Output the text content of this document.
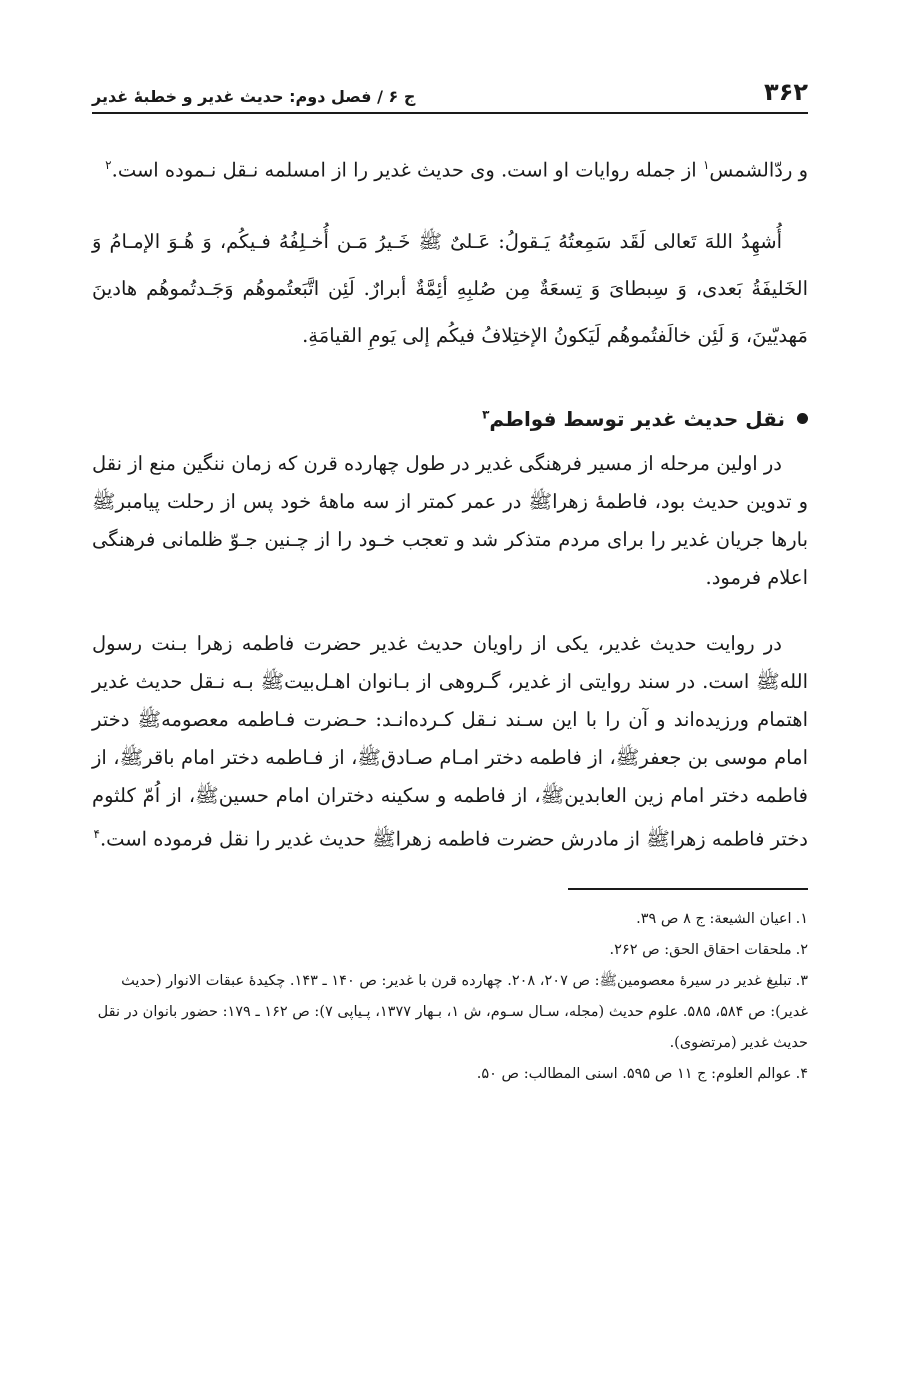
۳۶۲
ج ۶ / فصل دوم: حدیث غدیر و خطبهٔ غدیر

و ردّالشمس$^۱$ از جمله روایات او است. وی حدیث غدیر را از امسلمه نـقل نـموده است.$^۲$

أُشهِدُ اللهَ تَعالی لَقَد سَمِعتُهُ یَـقولُ: عَـلیٌ ﷺ خَـیرُ مَـن أُخـلِفُهُ فـیکُم، وَ هُـوَ الإمـامُ وَ الخَلیفَةُ بَعدی، وَ سِبطایَ وَ تِسعَةٌ مِن صُلبِهِ أئِمَّةٌ أبرارٌ. لَئِن اتَّبَعتُموهُم وَجَـدتُموهُم هادینَ مَهدیّینَ، وَ لَئِن خالَفتُموهُم لَیَکونُ الإختِلافُ فیکُم إلی یَومِ القیامَةِ.

نقل حدیث غدیر توسط فواطم$^۳$

در اولین مرحله از مسیر فرهنگی غدیر در طول چهارده قرن که زمان ننگین منع از نقل و تدوین حدیث بود، فاطمهٔ زهراﷺ در عمر کمتر از سه ماههٔ خود پس از رحلت پیامبرﷺ بارها جریان غدیر را برای مردم متذکر شد و تعجب خـود را از چـنین جـوّ ظلمانی فرهنگی اعلام فرمود.

در روایت حدیث غدیر، یکی از راویان حدیث غدیر حضرت فاطمه زهرا بـنت رسول اللهﷺ است. در سند روایتی از غدیر، گـروهی از بـانوان اهـل‌بیتﷺ بـه نـقل حدیث غدیر اهتمام ورزیده‌اند و آن را با این سـند نـقل کـرده‌انـد: حـضرت فـاطمه معصومهﷺ دختر امام موسی بن جعفرﷺ، از فاطمه دختر امـام صـادقﷺ، از فـاطمه دختر امام باقرﷺ، از فاطمه دختر امام زین العابدینﷺ، از فاطمه و سکینه دختران امام حسینﷺ، از اُمّ کلثوم دختر فاطمه زهراﷺ از مادرش حضرت فاطمه زهراﷺ حدیث غدیر را نقل فرموده است.$^۴$

۱.اعیان الشیعة: ج ۸ ص ۳۹.

۲.ملحقات احقاق الحق: ص ۲۶۲.

۳.تبلیغ غدیر در سیرهٔ معصومینﷺ: ص ۲۰۷، ۲۰۸. چهارده قرن با غدیر: ص ۱۴۰ ـ ۱۴۳. چکیدهٔ عبقات الانوار (حدیث غدیر): ص ۵۸۴، ۵۸۵. علوم حدیث (مجله، سـال سـوم، ش ۱، بـهار ۱۳۷۷، پـیاپی ۷): ص ۱۶۲ ـ ۱۷۹: حضور بانوان در نقل حدیث غدیر (مرتضوی).

۴.عوالم العلوم: ج ۱۱ ص ۵۹۵. اسنی المطالب: ص ۵۰.
